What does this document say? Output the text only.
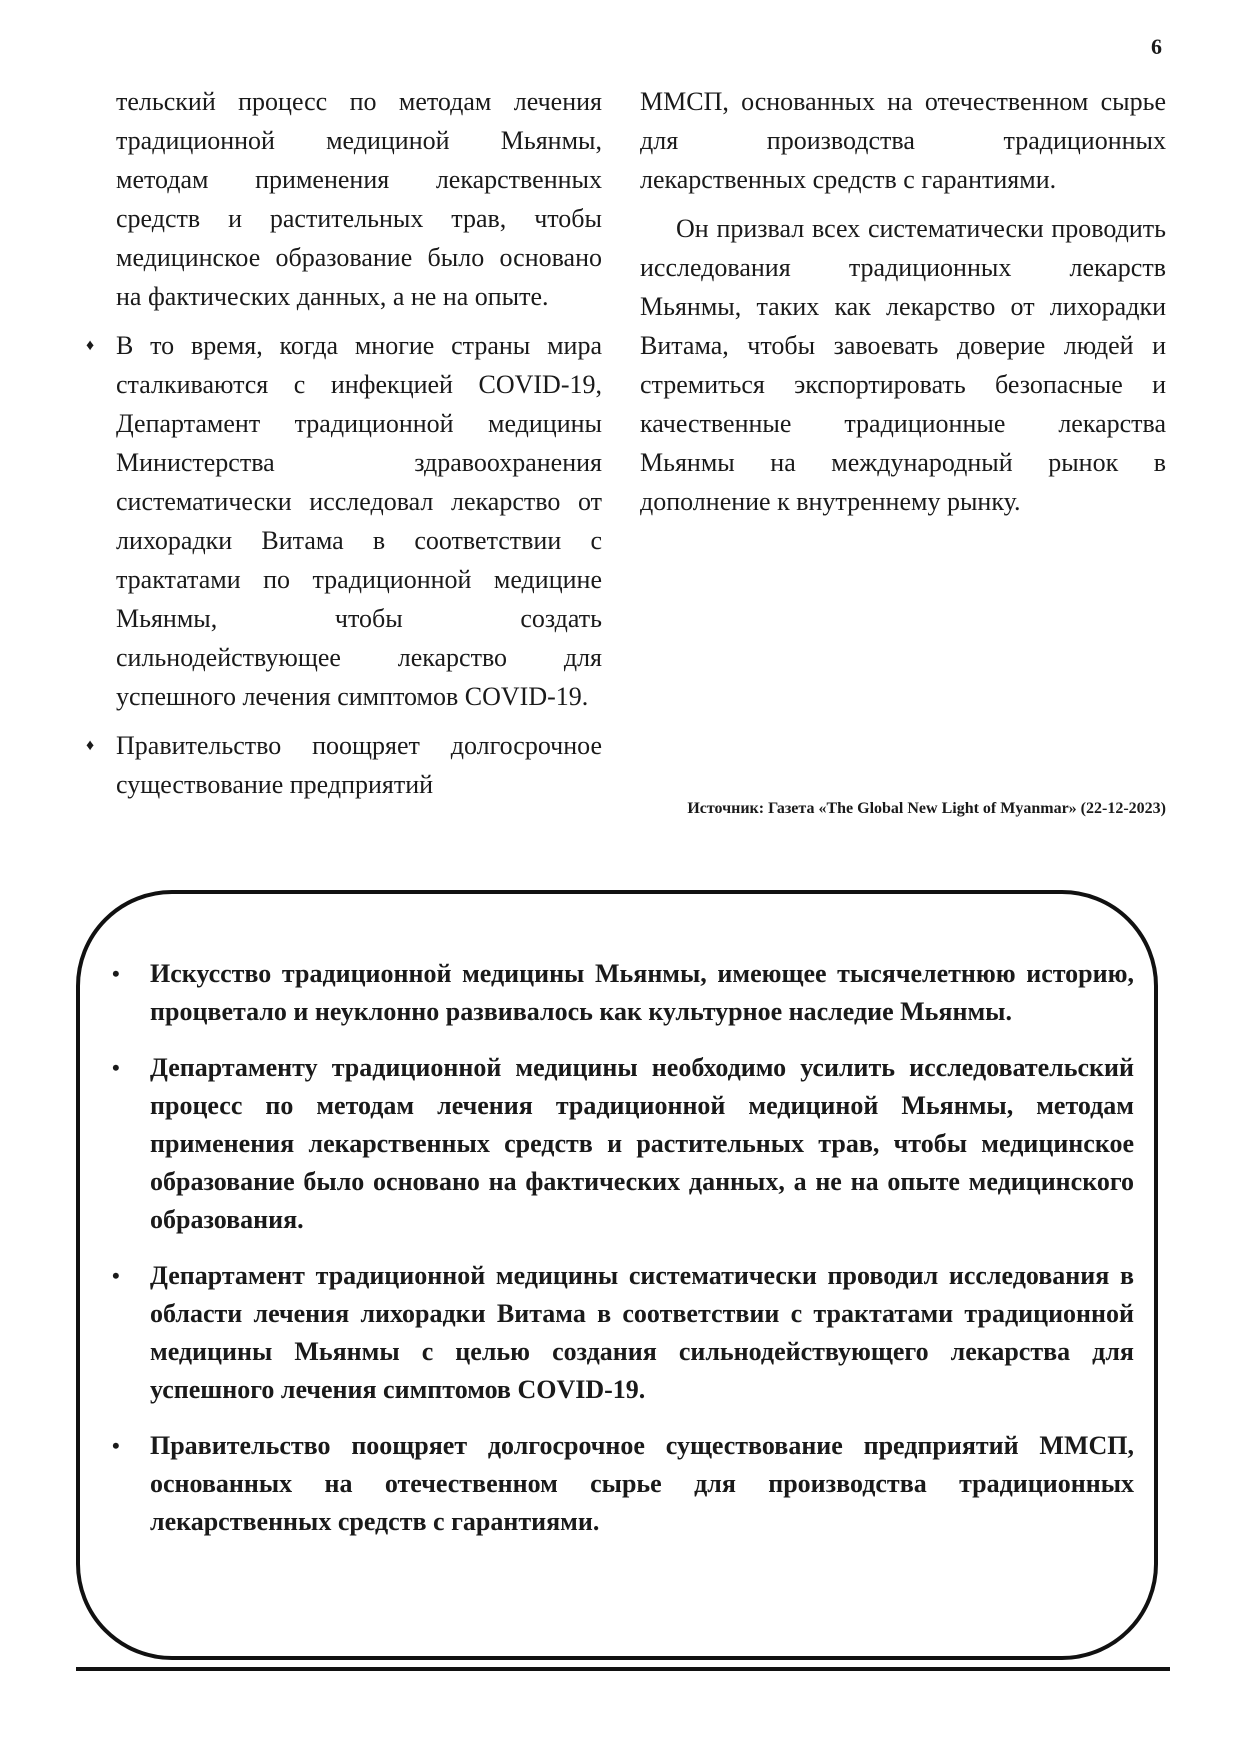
6

тельский процесс по методам лечения традиционной медициной Мьянмы, методам применения лекарственных средств и растительных трав, чтобы медицинское образование было основано на фактических данных, а не на опыте.

♦ В то время, когда многие страны мира сталкиваются с инфекцией COVID-19, Департамент традиционной медицины Министерства здравоохранения систематически исследовал лекарство от лихорадки Витама в соответствии с трактатами по традиционной медицине Мьянмы, чтобы создать сильнодействующее лекарство для успешного лечения симптомов COVID-19.
♦ Правительство поощряет долгосрочное существование предприятий

ММСП, основанных на отечественном сырье для производства традиционных лекарственных средств с гарантиями.

Он призвал всех систематически проводить исследования традиционных лекарств Мьянмы, таких как лекарство от лихорадки Витама, чтобы завоевать доверие людей и стремиться экспортировать безопасные и качественные традиционные лекарства Мьянмы на международный рынок в дополнение к внутреннему рынку.

Источник: Газета «The Global New Light of Myanmar» (22-12-2023)
• Искусство традиционной медицины Мьянмы, имеющее тысячелетнюю историю, процветало и неуклонно развивалось как культурное наследие Мьянмы.
• Департаменту традиционной медицины необходимо усилить исследовательский процесс по методам лечения традиционной медициной Мьянмы, методам применения лекарственных средств и растительных трав, чтобы медицинское образование было основано на фактических данных, а не на опыте медицинского образования.
• Департамент традиционной медицины систематически проводил исследования в области лечения лихорадки Витама в соответствии с трактатами традиционной медицины Мьянмы с целью создания сильнодействующего лекарства для успешного лечения симптомов COVID-19.
• Правительство поощряет долгосрочное существование предприятий ММСП, основанных на отечественном сырье для производства традиционных лекарственных средств с гарантиями.
